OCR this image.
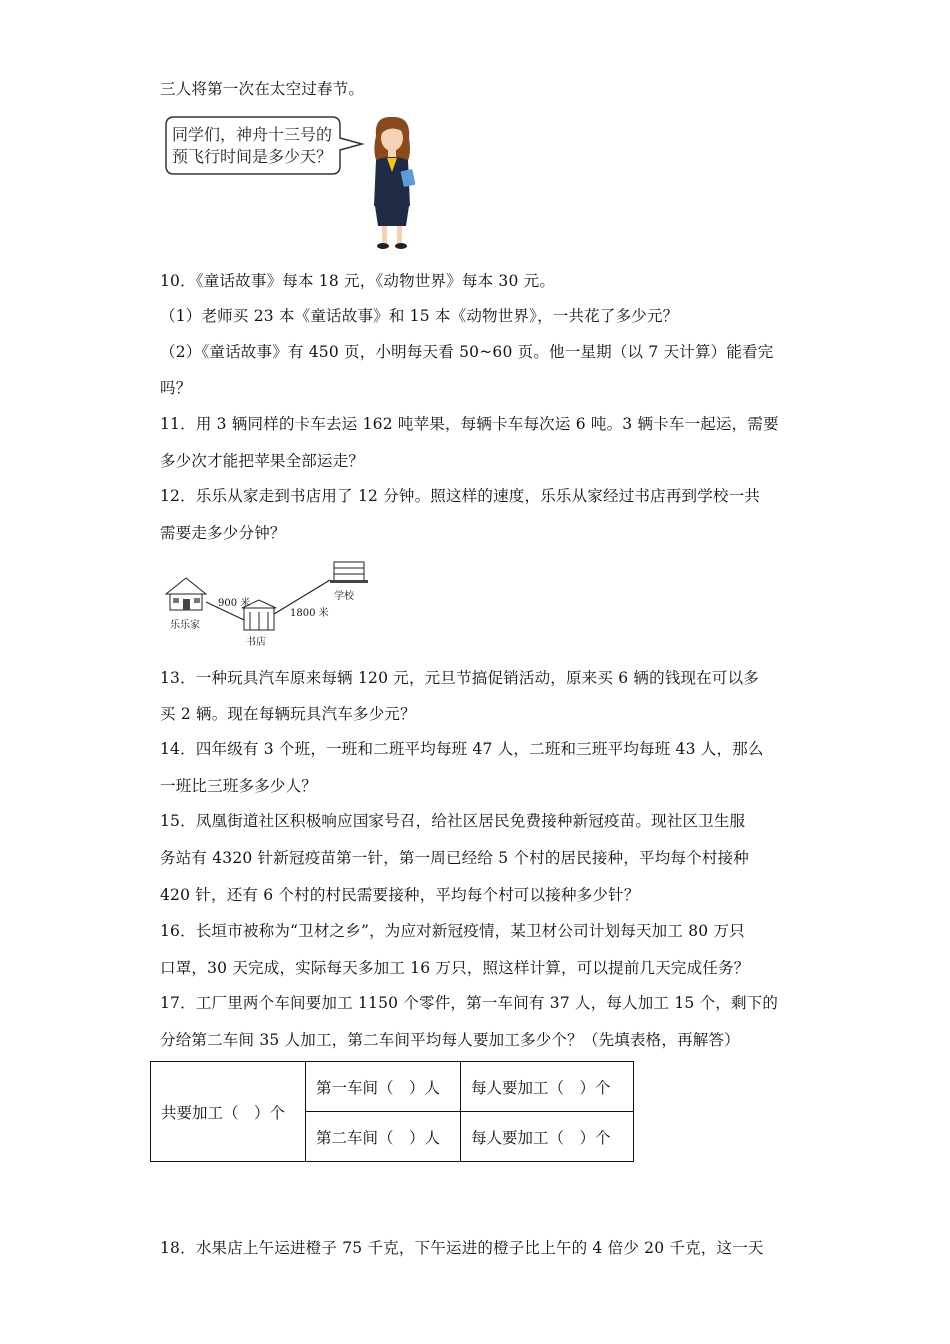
三人将第一次在太空过春节。
同学们，神舟十三号的
预飞行时间是多少天？
10．《童话故事》每本 18 元，《动物世界》每本 30 元。
（1）老师买 23 本《童话故事》和 15 本《动物世界》，一共花了多少元？
（2）《童话故事》有 450 页，小明每天看 50~60 页。他一星期（以 7 天计算）能看完
吗？
11．用 3 辆同样的卡车去运 162 吨苹果，每辆卡车每次运 6 吨。3 辆卡车一起运，需要
多少次才能把苹果全部运走？
12．乐乐从家走到书店用了 12 分钟。照这样的速度，乐乐从家经过书店再到学校一共
需要走多少分钟？
乐乐家
书店
学校
900 米
1800 米
13．一种玩具汽车原来每辆 120 元，元旦节搞促销活动，原来买 6 辆的钱现在可以多
买 2 辆。现在每辆玩具汽车多少元？
14．四年级有 3 个班，一班和二班平均每班 47 人，二班和三班平均每班 43 人，那么
一班比三班多多少人？
15．凤凰街道社区积极响应国家号召，给社区居民免费接种新冠疫苗。现社区卫生服
务站有 4320 针新冠疫苗第一针，第一周已经给 5 个村的居民接种，平均每个村接种
420 针，还有 6 个村的村民需要接种，平均每个村可以接种多少针？
16．长垣市被称为“卫材之乡”，为应对新冠疫情，某卫材公司计划每天加工 80 万只
口罩，30 天完成，实际每天多加工 16 万只，照这样计算，可以提前几天完成任务？
17．工厂里两个车间要加工 1150 个零件，第一车间有 37 人，每人加工 15 个，剩下的
分给第二车间 35 人加工，第二车间平均每人要加工多少个？（先填表格，再解答）
共要加工（　）个	第一车间（　）人	每人要加工（　）个
	第二车间（　）人	每人要加工（　）个
18．水果店上午运进橙子 75 千克，下午运进的橙子比上午的 4 倍少 20 千克，这一天
